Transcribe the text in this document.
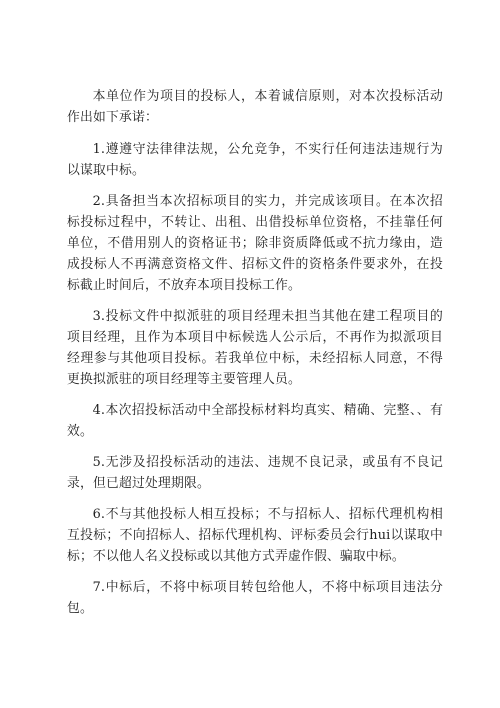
本单位作为项目的投标人，本着诚信原则，对本次投标活动作出如下承诺：

1.遵遵守法律律法规，公允竞争，不实行任何违法违规行为以谋取中标。

2.具备担当本次招标项目的实力，并完成该项目。在本次招标投标过程中，不转让、出租、出借投标单位资格，不挂靠任何单位，不借用别人的资格证书；除非资质降低或不抗力缘由，造成投标人不再满意资格文件、招标文件的资格条件要求外，在投标截止时间后，不放弃本项目投标工作。

3.投标文件中拟派驻的项目经理未担当其他在建工程项目的项目经理，且作为本项目中标候选人公示后，不再作为拟派项目经理参与其他项目投标。若我单位中标，未经招标人同意，不得更换拟派驻的项目经理等主要管理人员。

4.本次招投标活动中全部投标材料均真实、精确、完整、、有效。

5.无涉及招投标活动的违法、违规不良记录，或虽有不良记录，但已超过处理期限。

6.不与其他投标人相互投标；不与招标人、招标代理机构相互投标；不向招标人、招标代理机构、评标委员会行hui以谋取中标；不以他人名义投标或以其他方式弄虚作假、骗取中标。

7.中标后，不将中标项目转包给他人，不将中标项目违法分包。
